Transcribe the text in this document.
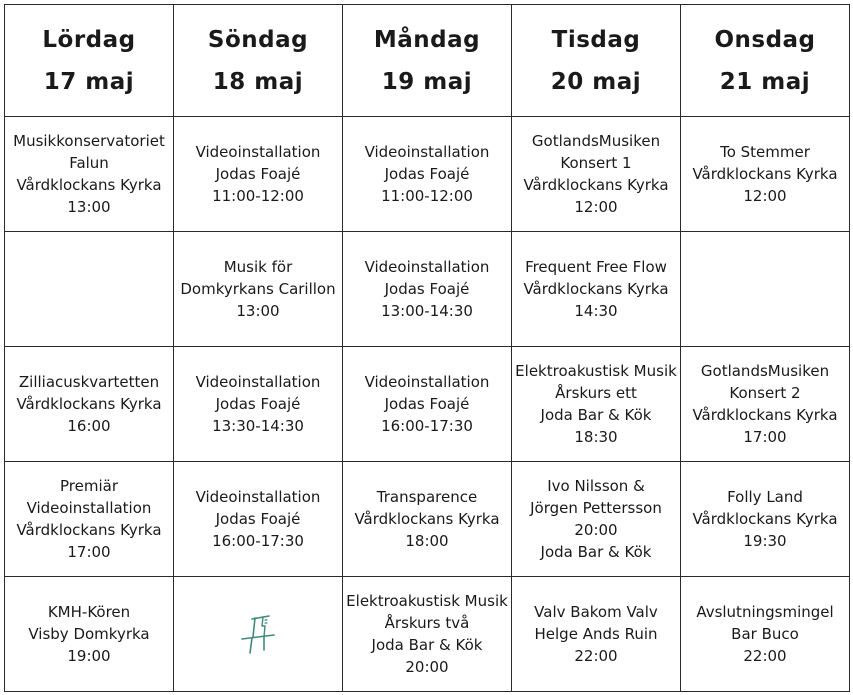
Lördag
17 maj	Söndag
18 maj	Måndag
19 maj	Tisdag
20 maj	Onsdag
21 maj

Musikkonservatoriet
Falun
Vårdklockans Kyrka
13:00	Videoinstallation
Jodas Foajé
11:00-12:00	Videoinstallation
Jodas Foajé
11:00-12:00	GotlandsMusiken
Konsert 1
Vårdklockans Kyrka
12:00	To Stemmer
Vårdklockans Kyrka
12:00

	Musik för
Domkyrkans Carillon
13:00	Videoinstallation
Jodas Foajé
13:00-14:30	Frequent Free Flow
Vårdklockans Kyrka
14:30	

Zilliacuskvartetten
Vårdklockans Kyrka
16:00	Videoinstallation
Jodas Foajé
13:30-14:30	Videoinstallation
Jodas Foajé
16:00-17:30	Elektroakustisk Musik
Årskurs ett
Joda Bar & Kök
18:30	GotlandsMusiken
Konsert 2
Vårdklockans Kyrka
17:00

Premiär
Videoinstallation
Vårdklockans Kyrka
17:00	Videoinstallation
Jodas Foajé
16:00-17:30	Transparence
Vårdklockans Kyrka
18:00	Ivo Nilsson &
Jörgen Pettersson
20:00
Joda Bar & Kök	Folly Land
Vårdklockans Kyrka
19:30

KMH-Kören
Visby Domkyrka
19:00		Elektroakustisk Musik
Årskurs två
Joda Bar & Kök
20:00	Valv Bakom Valv
Helge Ands Ruin
22:00	Avslutningsmingel
Bar Buco
22:00
